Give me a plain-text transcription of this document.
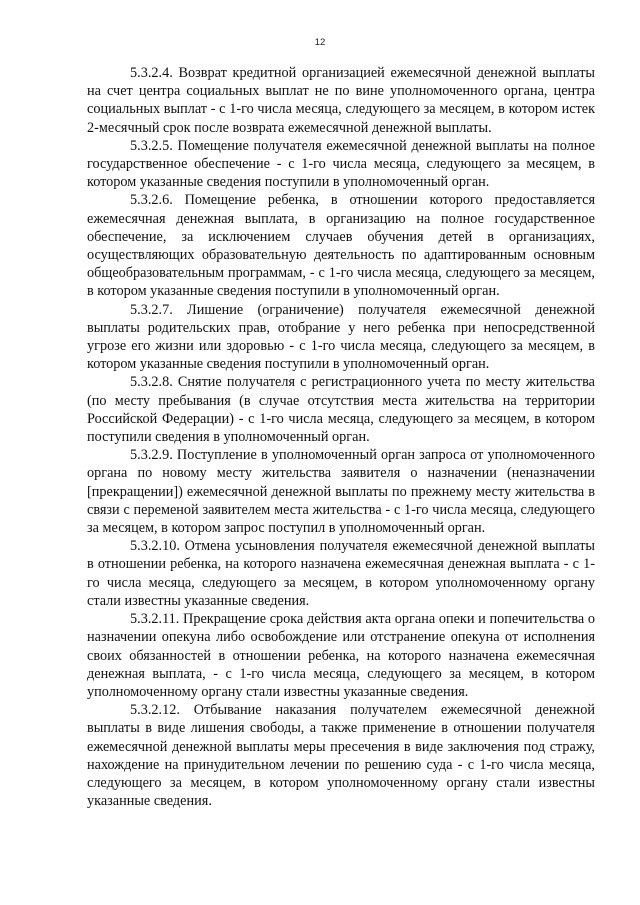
12

5.3.2.4. Возврат кредитной организацией ежемесячной денежной выплаты на счет центра социальных выплат не по вине уполномоченного органа, центра социальных выплат - с 1-го числа месяца, следующего за месяцем, в котором истек 2-месячный срок после возврата ежемесячной денежной выплаты.

5.3.2.5. Помещение получателя ежемесячной денежной выплаты на полное государственное обеспечение - с 1-го числа месяца, следующего за месяцем, в котором указанные сведения поступили в уполномоченный орган.

5.3.2.6. Помещение ребенка, в отношении которого предоставляется ежемесячная денежная выплата, в организацию на полное государственное обеспечение, за исключением случаев обучения детей в организациях, осуществляющих образовательную деятельность по адаптированным основным общеобразовательным программам, - с 1-го числа месяца, следующего за месяцем, в котором указанные сведения поступили в уполномоченный орган.

5.3.2.7. Лишение (ограничение) получателя ежемесячной денежной выплаты родительских прав, отобрание у него ребенка при непосредственной угрозе его жизни или здоровью - с 1-го числа месяца, следующего за месяцем, в котором указанные сведения поступили в уполномоченный орган.

5.3.2.8. Снятие получателя с регистрационного учета по месту жительства (по месту пребывания (в случае отсутствия места жительства на территории Российской Федерации) - с 1-го числа месяца, следующего за месяцем, в котором поступили сведения в уполномоченный орган.

5.3.2.9. Поступление в уполномоченный орган запроса от уполномоченного органа по новому месту жительства заявителя о назначении (неназначении [прекращении]) ежемесячной денежной выплаты по прежнему месту жительства в связи с переменой заявителем места жительства - с 1-го числа месяца, следующего за месяцем, в котором запрос поступил в уполномоченный орган.

5.3.2.10. Отмена усыновления получателя ежемесячной денежной выплаты в отношении ребенка, на которого назначена ежемесячная денежная выплата - с 1-го числа месяца, следующего за месяцем, в котором уполномоченному органу стали известны указанные сведения.

5.3.2.11. Прекращение срока действия акта органа опеки и попечительства о назначении опекуна либо освобождение или отстранение опекуна от исполнения своих обязанностей в отношении ребенка, на которого назначена ежемесячная денежная выплата, - с 1-го числа месяца, следующего за месяцем, в котором уполномоченному органу стали известны указанные сведения.

5.3.2.12. Отбывание наказания получателем ежемесячной денежной выплаты в виде лишения свободы, а также применение в отношении получателя ежемесячной денежной выплаты меры пресечения в виде заключения под стражу, нахождение на принудительном лечении по решению суда - с 1-го числа месяца, следующего за месяцем, в котором уполномоченному органу стали известны указанные сведения.
